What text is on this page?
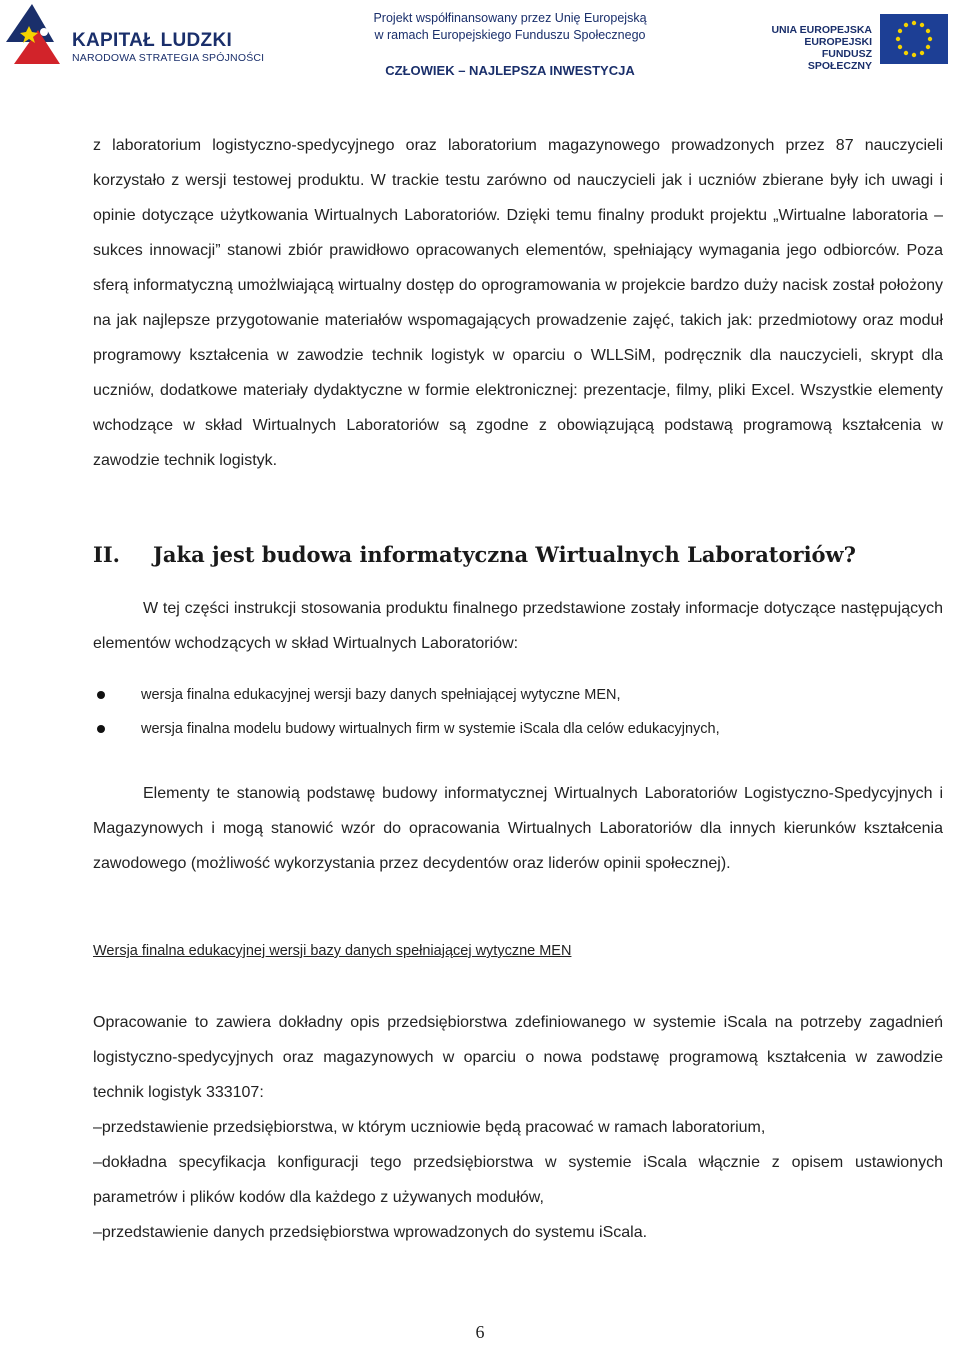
KAPITAŁ LUDZKI
NARODOWA STRATEGIA SPÓJNOŚCI
Projekt współfinansowany przez Unię Europejską
w ramach Europejskiego Funduszu Społecznego
CZŁOWIEK – NAJLEPSZA INWESTYCJA
UNIA EUROPEJSKA
EUROPEJSKI
FUNDUSZ SPOŁECZNY

z laboratorium logistyczno-spedycyjnego oraz laboratorium magazynowego prowadzonych przez 87 nauczycieli korzystało z wersji testowej produktu. W trackie testu zarówno od nauczycieli jak i uczniów zbierane były ich uwagi i opinie dotyczące użytkowania Wirtualnych Laboratoriów. Dzięki temu finalny produkt projektu „Wirtualne laboratoria – sukces innowacji” stanowi zbiór prawidłowo opracowanych elementów, spełniający wymagania jego odbiorców. Poza sferą informatyczną umożlwiającą wirtualny dostęp do oprogramowania w projekcie bardzo duży nacisk został położony na jak najlepsze przygotowanie materiałów wspomagających prowadzenie zajęć, takich jak: przedmiotowy oraz moduł programowy kształcenia w zawodzie technik logistyk w oparciu o WLLSiM, podręcznik dla nauczycieli, skrypt dla uczniów, dodatkowe materiały dydaktyczne w formie elektronicznej: prezentacje, filmy, pliki Excel. Wszystkie elementy wchodzące w skład Wirtualnych Laboratoriów są zgodne z obowiązującą podstawą programową kształcenia w zawodzie technik logistyk.

II. Jaka jest budowa informatyczna Wirtualnych Laboratoriów?

W tej części instrukcji stosowania produktu finalnego przedstawione zostały informacje dotyczące następujących elementów wchodzących w skład Wirtualnych Laboratoriów:

wersja finalna edukacyjnej wersji bazy danych spełniającej wytyczne MEN,
wersja finalna modelu budowy wirtualnych firm w systemie iScala dla celów edukacyjnych,

Elementy te stanowią podstawę budowy informatycznej Wirtualnych Laboratoriów Logistyczno-Spedycyjnych i Magazynowych i mogą stanowić wzór do opracowania Wirtualnych Laboratoriów dla innych kierunków kształcenia zawodowego (możliwość wykorzystania przez decydentów oraz liderów opinii społecznej).

Wersja finalna edukacyjnej wersji bazy danych spełniającej wytyczne MEN

Opracowanie to zawiera dokładny opis przedsiębiorstwa zdefiniowanego w systemie iScala na potrzeby zagadnień logistyczno-spedycyjnych oraz magazynowych w oparciu o nowa podstawę programową kształcenia w zawodzie technik logistyk 333107:

–przedstawienie przedsiębiorstwa, w którym uczniowie będą pracować w ramach laboratorium,
–dokładna specyfikacja konfiguracji tego przedsiębiorstwa w systemie iScala włącznie z opisem ustawionych parametrów i plików kodów dla każdego z używanych modułów,
–przedstawienie danych przedsiębiorstwa wprowadzonych do systemu iScala.
6
